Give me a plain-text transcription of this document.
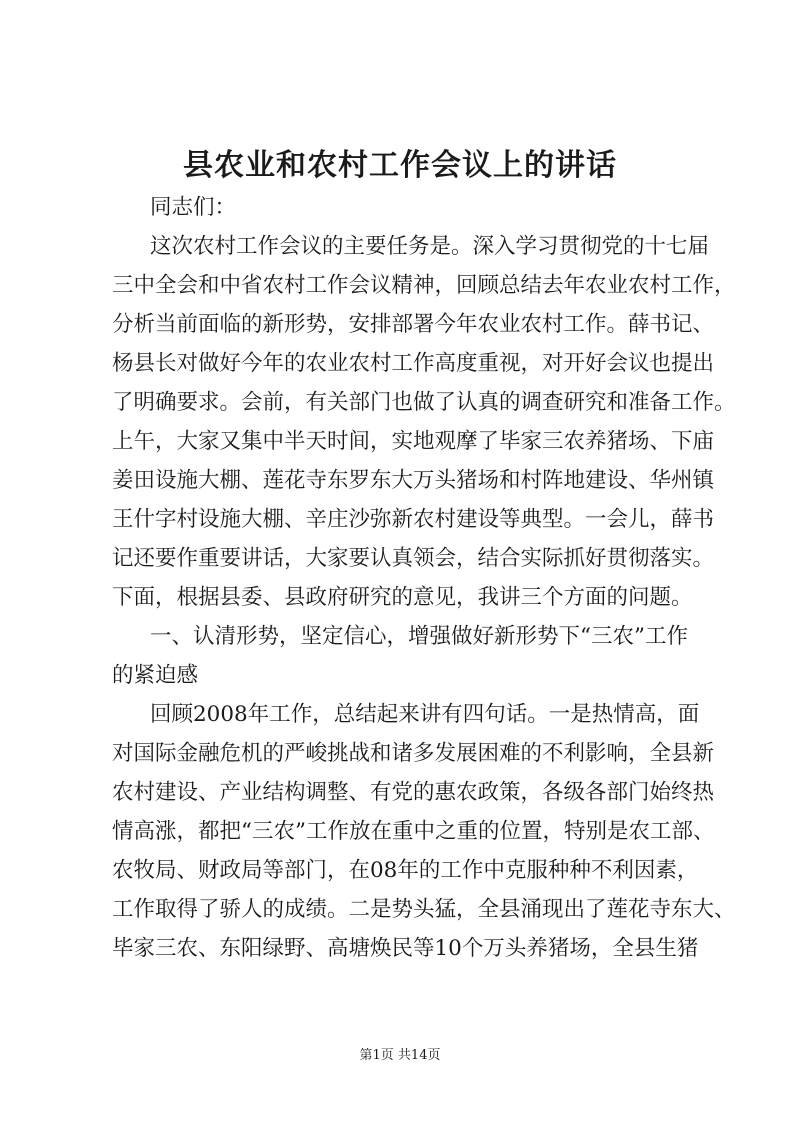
县农业和农村工作会议上的讲话

同志们：

这次农村工作会议的主要任务是。深入学习贯彻党的十七届

三中全会和中省农村工作会议精神，回顾总结去年农业农村工作，

分析当前面临的新形势，安排部署今年农业农村工作。薛书记、

杨县长对做好今年的农业农村工作高度重视，对开好会议也提出

了明确要求。会前，有关部门也做了认真的调查研究和准备工作。

上午，大家又集中半天时间，实地观摩了毕家三农养猪场、下庙

姜田设施大棚、莲花寺东罗东大万头猪场和村阵地建设、华州镇

王什字村设施大棚、辛庄沙弥新农村建设等典型。一会儿，薛书

记还要作重要讲话，大家要认真领会，结合实际抓好贯彻落实。

下面，根据县委、县政府研究的意见，我讲三个方面的问题。

一、认清形势，坚定信心，增强做好新形势下“三农”工作

的紧迫感

回顾2008年工作，总结起来讲有四句话。一是热情高，面

对国际金融危机的严峻挑战和诸多发展困难的不利影响，全县新

农村建设、产业结构调整、有党的惠农政策，各级各部门始终热

情高涨，都把“三农”工作放在重中之重的位置，特别是农工部、

农牧局、财政局等部门，在08年的工作中克服种种不利因素，

工作取得了骄人的成绩。二是势头猛，全县涌现出了莲花寺东大、

毕家三农、东阳绿野、高塘焕民等10个万头养猪场，全县生猪

第1页 共14页
